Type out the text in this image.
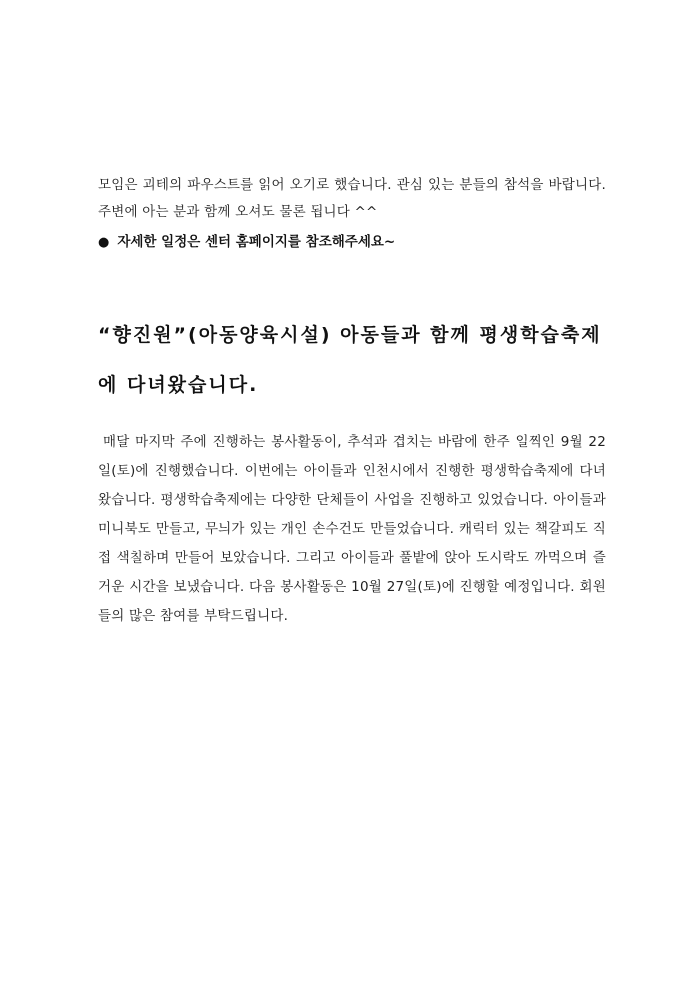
모임은 괴테의 파우스트를 읽어 오기로 했습니다. 관심 있는 분들의 참석을 바랍니다. 주변에 아는 분과 함께 오셔도 물론 됩니다 ^^

● 자세한 일정은 센터 홈페이지를 참조해주세요~
“향진원”(아동양육시설) 아동들과 함께 평생학습축제에 다녀왔습니다.

매달 마지막 주에 진행하는 봉사활동이, 추석과 겹치는 바람에 한주 일찍인 9월 22일(토)에 진행했습니다. 이번에는 아이들과 인천시에서 진행한 평생학습축제에 다녀왔습니다. 평생학습축제에는 다양한 단체들이 사업을 진행하고 있었습니다. 아이들과 미니북도 만들고, 무늬가 있는 개인 손수건도 만들었습니다. 캐릭터 있는 책갈피도 직접 색칠하며 만들어 보았습니다. 그리고 아이들과 풀밭에 앉아 도시락도 까먹으며 즐거운 시간을 보냈습니다. 다음 봉사활동은 10월 27일(토)에 진행할 예정입니다. 회원들의 많은 참여를 부탁드립니다.
